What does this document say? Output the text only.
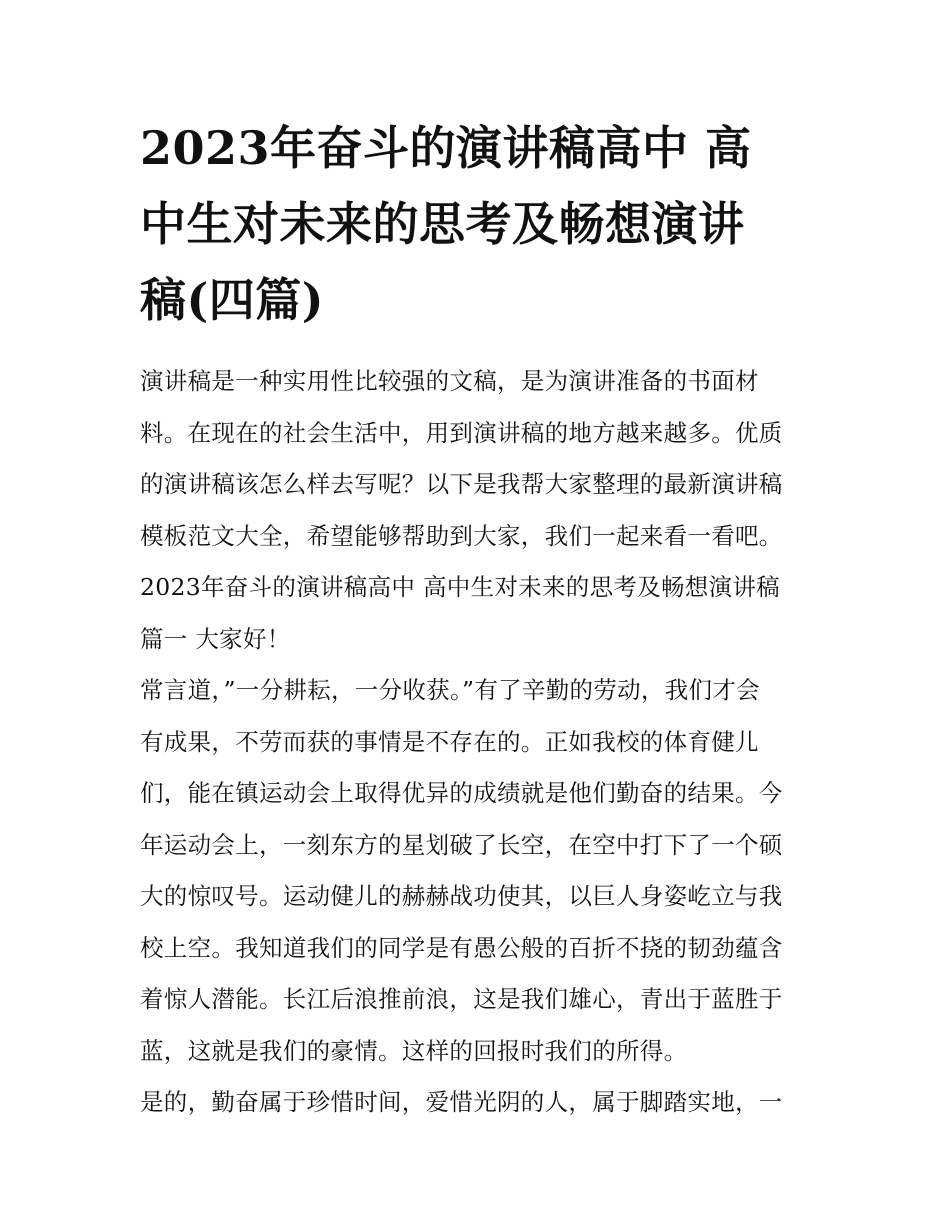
2023年奋斗的演讲稿高中 高
中生对未来的思考及畅想演讲
稿(四篇)
演讲稿是一种实用性比较强的文稿，是为演讲准备的书面材
料。在现在的社会生活中，用到演讲稿的地方越来越多。优质
的演讲稿该怎么样去写呢？以下是我帮大家整理的最新演讲稿
模板范文大全，希望能够帮助到大家，我们一起来看一看吧。
2023年奋斗的演讲稿高中 高中生对未来的思考及畅想演讲稿
篇一 大家好！
常言道，”一分耕耘，一分收获。”有了辛勤的劳动，我们才会
有成果，不劳而获的事情是不存在的。正如我校的体育健儿
们，能在镇运动会上取得优异的成绩就是他们勤奋的结果。今
年运动会上，一刻东方的星划破了长空，在空中打下了一个硕
大的惊叹号。运动健儿的赫赫战功使其，以巨人身姿屹立与我
校上空。我知道我们的同学是有愚公般的百折不挠的韧劲蕴含
着惊人潜能。长江后浪推前浪，这是我们雄心，青出于蓝胜于
蓝，这就是我们的豪情。这样的回报时我们的所得。
是的，勤奋属于珍惜时间，爱惜光阴的人，属于脚踏实地，一
